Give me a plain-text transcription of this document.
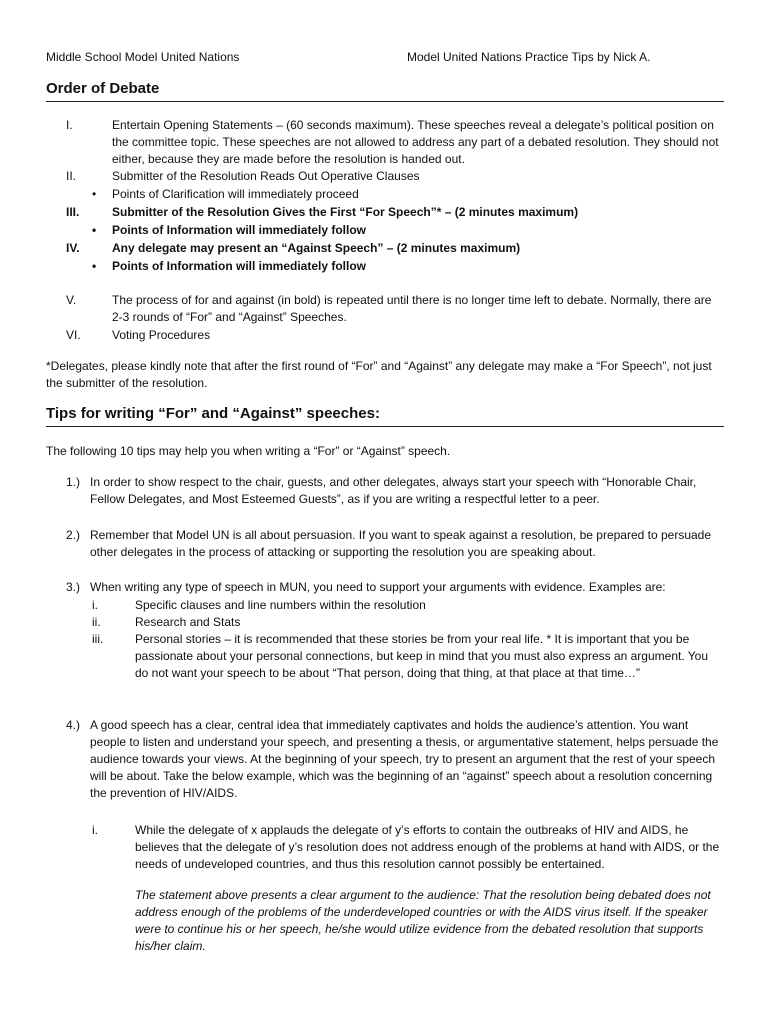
Middle School Model United Nations	Model United Nations Practice Tips by Nick A.
Order of Debate
I.	Entertain Opening Statements – (60 seconds maximum). These speeches reveal a delegate’s political position on the committee topic. These speeches are not allowed to address any part of a debated resolution. They should not either, because they are made before the resolution is handed out.
II.	Submitter of the Resolution Reads Out Operative Clauses
• Points of Clarification will immediately proceed
III.	Submitter of the Resolution Gives the First “For Speech”* – (2 minutes maximum)
• Points of Information will immediately follow
IV.	Any delegate may present an “Against Speech” – (2 minutes maximum)
• Points of Information will immediately follow
V.	The process of for and against (in bold) is repeated until there is no longer time left to debate. Normally, there are 2-3 rounds of “For” and “Against” Speeches.
VI.	Voting Procedures
*Delegates, please kindly note that after the first round of “For” and “Against” any delegate may make a “For Speech”, not just the submitter of the resolution.
Tips for writing “For” and “Against” speeches:
The following 10 tips may help you when writing a “For” or “Against” speech.
1.) In order to show respect to the chair, guests, and other delegates, always start your speech with “Honorable Chair, Fellow Delegates, and Most Esteemed Guests”, as if you are writing a respectful letter to a peer.
2.) Remember that Model UN is all about persuasion. If you want to speak against a resolution, be prepared to persuade other delegates in the process of attacking or supporting the resolution you are speaking about.
3.) When writing any type of speech in MUN, you need to support your arguments with evidence. Examples are:
i.	Specific clauses and line numbers within the resolution
ii.	Research and Stats
iii.	Personal stories – it is recommended that these stories be from your real life. * It is important that you be passionate about your personal connections, but keep in mind that you must also express an argument. You do not want your speech to be about “That person, doing that thing, at that place at that time…”
4.) A good speech has a clear, central idea that immediately captivates and holds the audience’s attention. You want people to listen and understand your speech, and presenting a thesis, or argumentative statement, helps persuade the audience towards your views. At the beginning of your speech, try to present an argument that the rest of your speech will be about. Take the below example, which was the beginning of an “against” speech about a resolution concerning the prevention of HIV/AIDS.
i.	While the delegate of x applauds the delegate of y’s efforts to contain the outbreaks of HIV and AIDS, he believes that the delegate of y’s resolution does not address enough of the problems at hand with AIDS, or the needs of undeveloped countries, and thus this resolution cannot possibly be entertained.
The statement above presents a clear argument to the audience: That the resolution being debated does not address enough of the problems of the underdeveloped countries or with the AIDS virus itself. If the speaker were to continue his or her speech, he/she would utilize evidence from the debated resolution that supports his/her claim.
